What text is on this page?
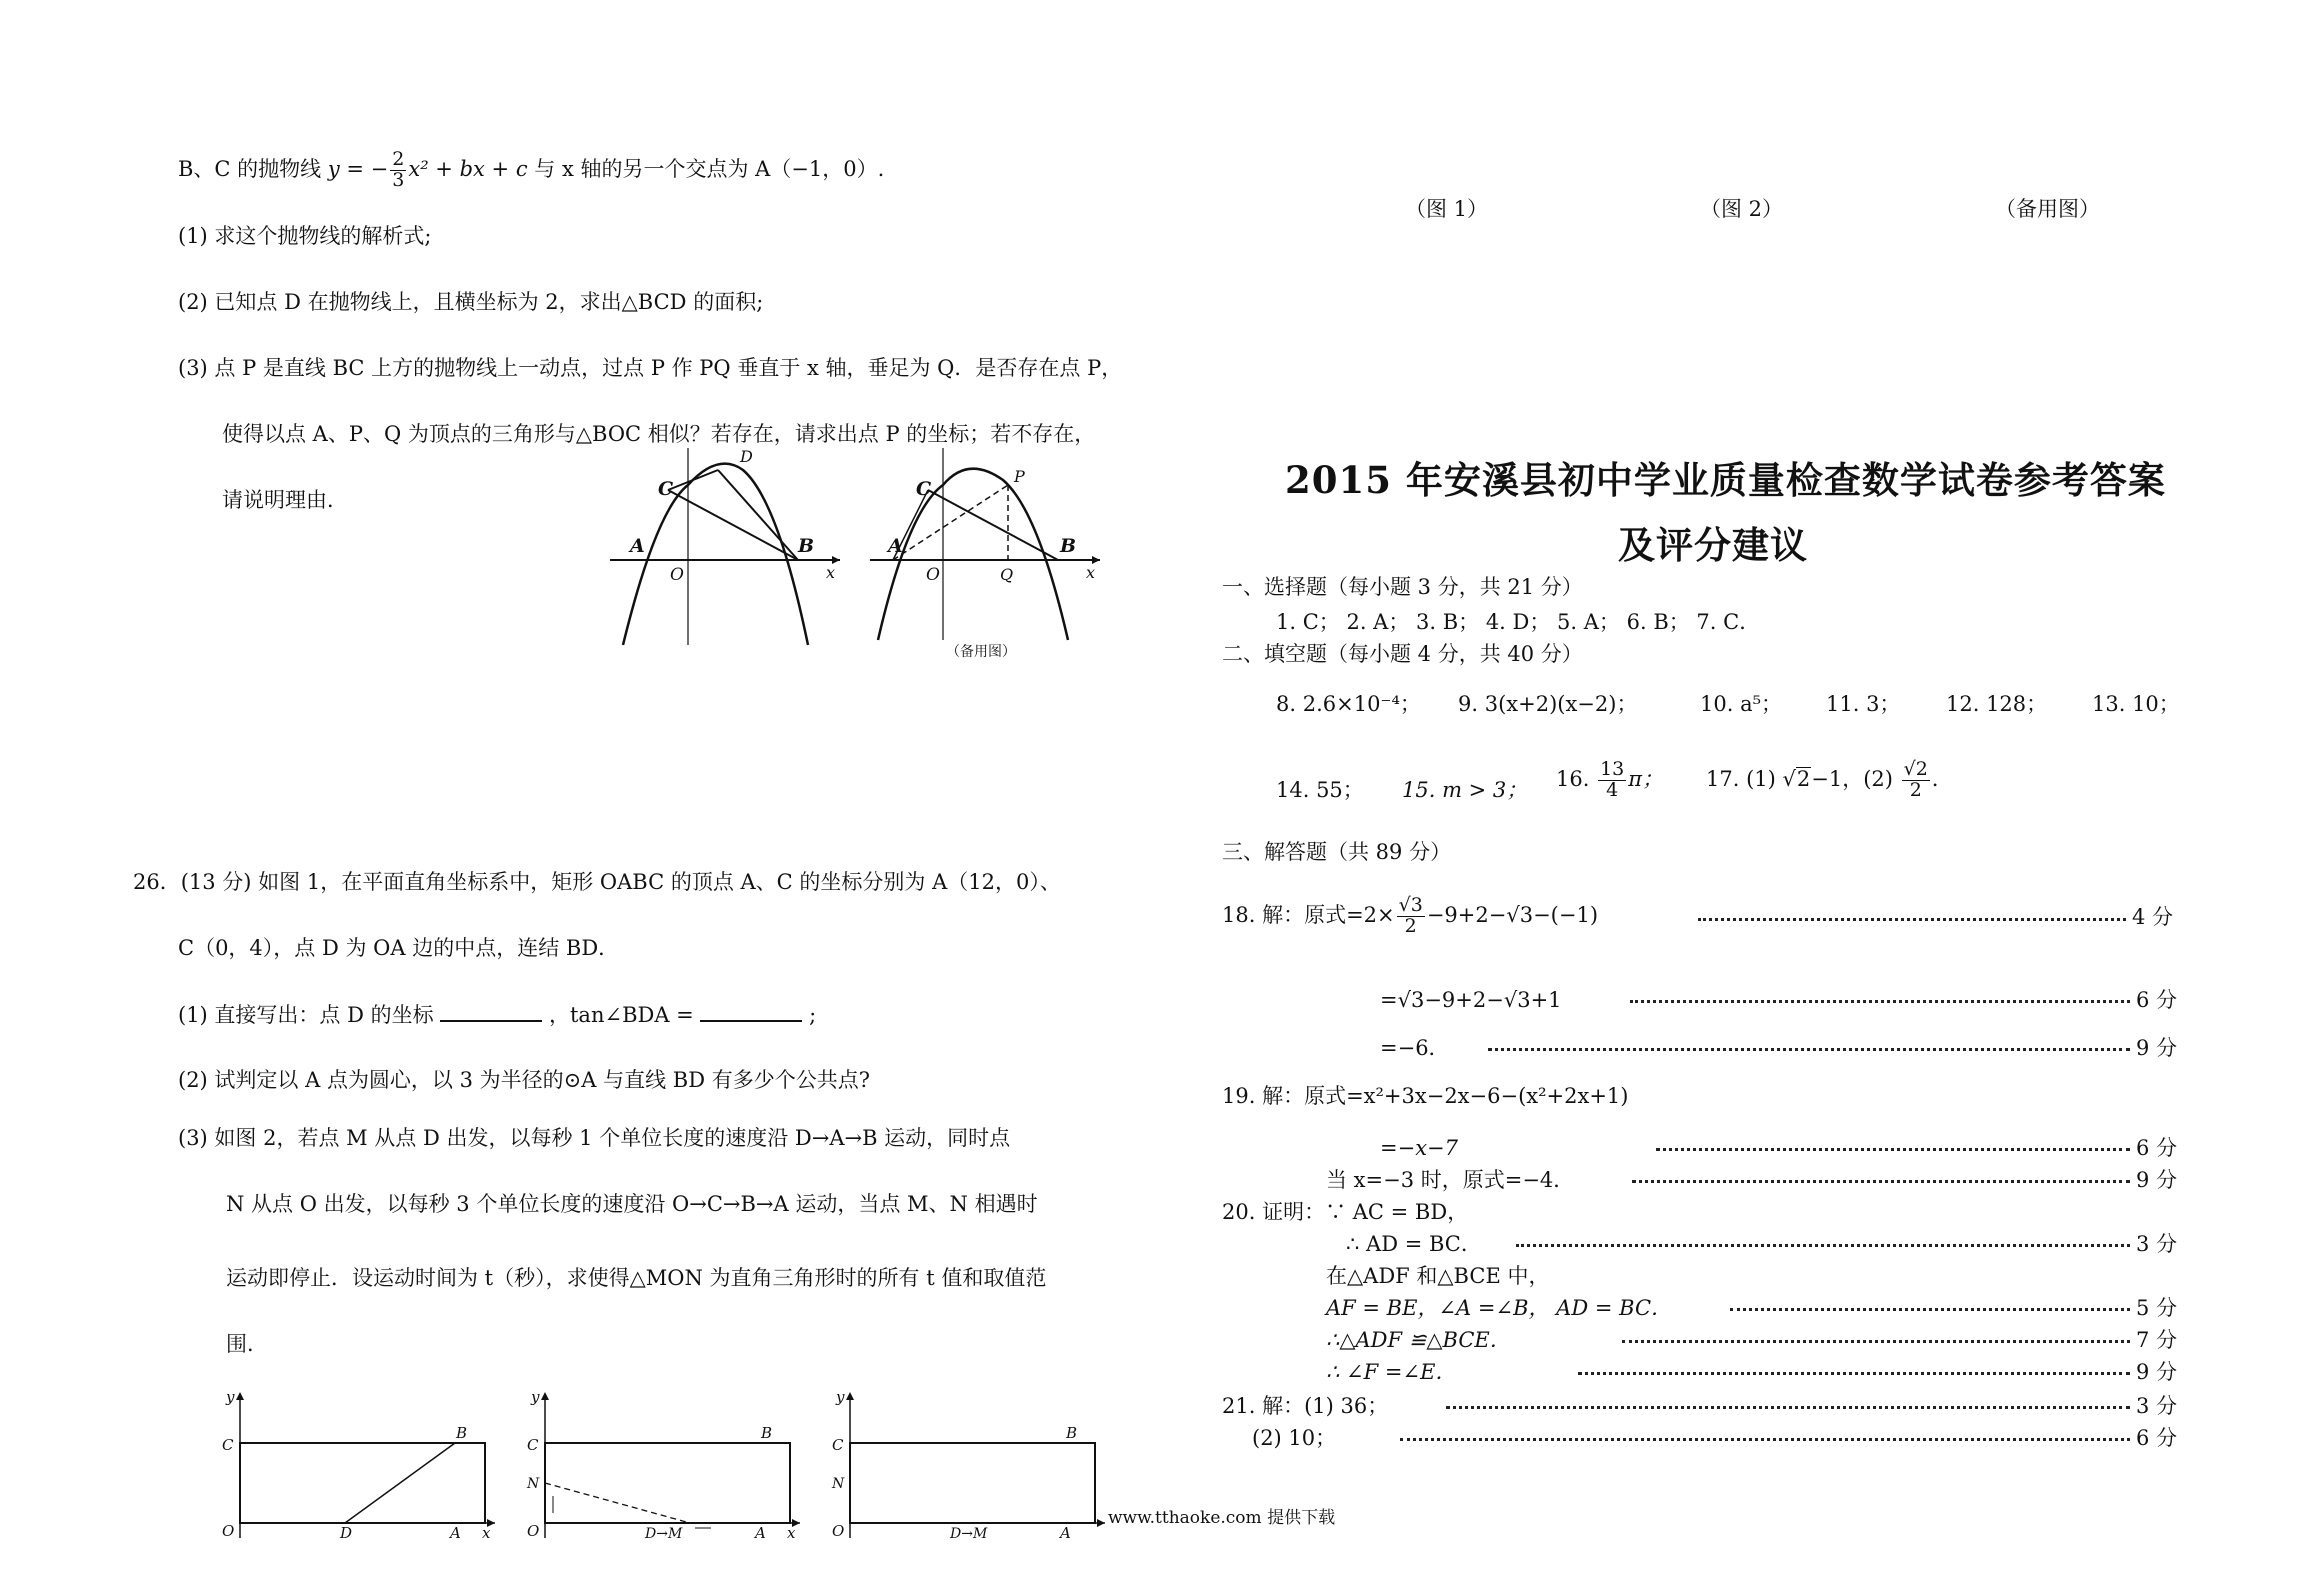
B、C 的抛物线 y = − $\frac{2}{3} x^2$ + bx + c 与 x 轴的另一个交点为 A（−1，0）.
(1) 求这个抛物线的解析式;
(2) 已知点 D 在抛物线上，且横坐标为 2，求出△BCD 的面积;
(3) 点 P 是直线 BC 上方的抛物线上一动点，过点 P 作 PQ 垂直于 x 轴，垂足为 Q．是否存在点 P，
使得以点 A、P、Q 为顶点的三角形与△BOC 相似？若存在，请求出点 P 的坐标；若不存在，
请说明理由．	C
D
A
O
B
x
C
P
A
O	Q
B
x
（备用图）
26．(13 分) 如图 1，在平面直角坐标系中，矩形 OABC 的顶点 A、C 的坐标分别为 A（12，0）、
C（0，4），点 D 为 OA 边的中点，连结 BD．
(1) 直接写出：点 D 的坐标	，tan∠BDA =	;
(2) 试判定以 A 点为圆心，以 3 为半径的⊙A 与直线 BD 有多少个公共点?
(3) 如图 2，若点 M 从点 D 出发，以每秒 1 个单位长度的速度沿 D→A→B 运动，同时点
N 从点 O 出发，以每秒 3 个单位长度的速度沿 O→C→B→A 运动，当点 M、N 相遇时
运动即停止．设运动时间为 t（秒），求使得△MON 为直角三角形时的所有 t 值和取值范
围．
y
C
O
B
D	A x
y
C
N
O
B
D→M	A x
y
C
N
O
B
D→M	A
www.tthaoke.com 提供下载
（图 1）	（图 2）	（备用图）
2015 年安溪县初中学业质量检查数学试卷参考答案
及评分建议
一、选择题（每小题 3 分，共 21 分）
1. C； 2. A； 3. B； 4. D； 5. A； 6. B； 7. C．
二、填空题（每小题 4 分，共 40 分）
8. 2.6×10⁻⁴； 9. 3(x+2)(x−2)；	10. a⁵； 11. 3； 12. 128； 13. 10；
14. 55； 15. m > 3； 16. $\frac{13}{4}$ π； 17. (1) √2−1，$(2) \frac{√2}{2}$ ．
三、解答题（共 89 分）
18. 解：原式$=2\times \frac{√3}{2} -9+2-√3-(-1)$	4 分
=√3−9+2−√3+1	6 分
=−6．	9 分
19. 解：原式=x²+3x−2x−6−(x²+2x+1)
=−x−7	6 分
当 x=−3 时，原式=−4．	9 分
20. 证明：∵ AC = BD，
∴ AD = BC．	3 分
在△ADF 和△BCE 中，
AF = BE，∠A =∠B， AD = BC．	5 分
∴△ADF ≌△BCE．	7 分
∴ ∠F =∠E．	9 分
21. 解：(1) 36；	3 分
(2) 10；	6 分
